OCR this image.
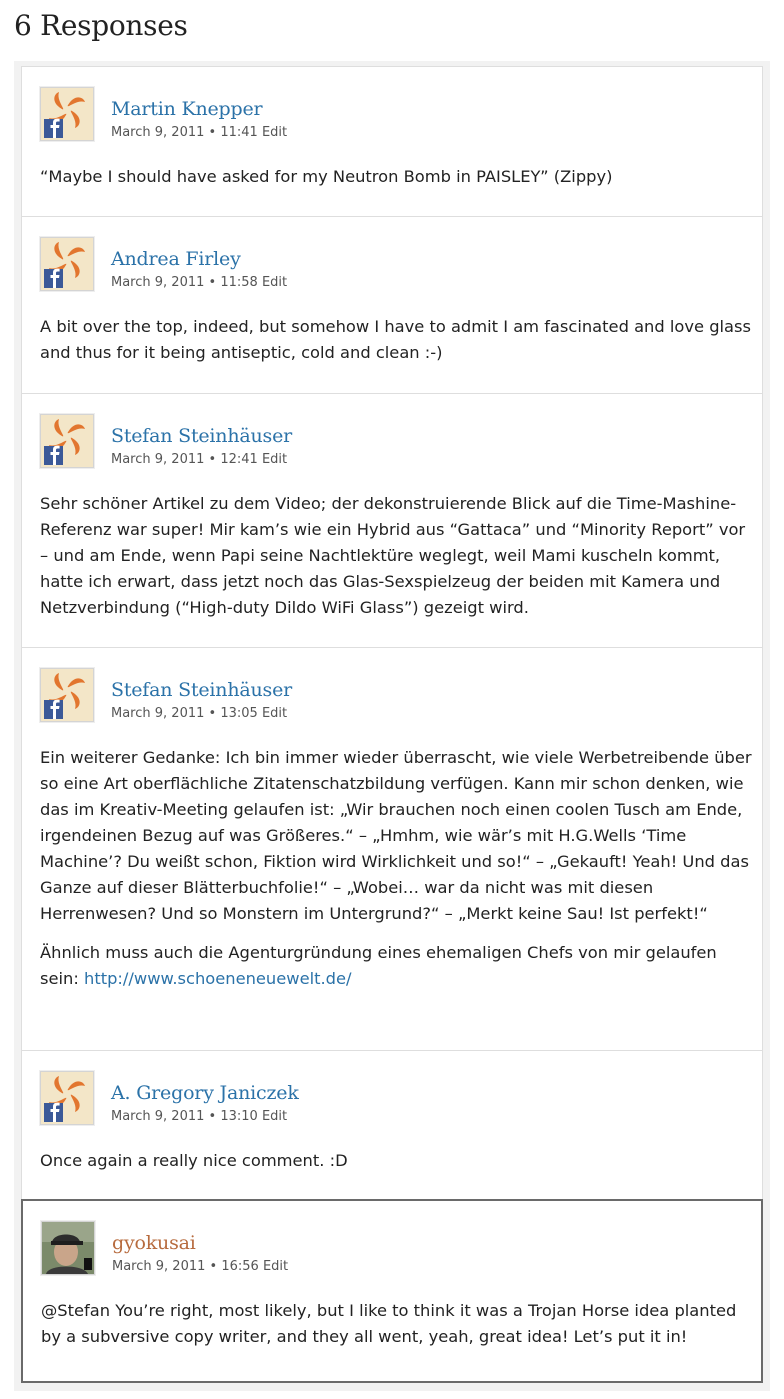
6 Responses
Martin Knepper
March 9, 2011 • 11:41 Edit

“Maybe I should have asked for my Neutron Bomb in PAISLEY” (Zippy)

Andrea Firley
March 9, 2011 • 11:58 Edit

A bit over the top, indeed, but somehow I have to admit I am fascinated and love glass and thus for it being antiseptic, cold and clean :-)

Stefan Steinhäuser
March 9, 2011 • 12:41 Edit

Sehr schöner Artikel zu dem Video; der dekonstruierende Blick auf die Time-Mashine-Referenz war super! Mir kam’s wie ein Hybrid aus “Gattaca” und “Minority Report” vor – und am Ende, wenn Papi seine Nachtlektüre weglegt, weil Mami kuscheln kommt, hatte ich erwart, dass jetzt noch das Glas-Sexspielzeug der beiden mit Kamera und Netzverbindung (“High-duty Dildo WiFi Glass”) gezeigt wird.

Stefan Steinhäuser
March 9, 2011 • 13:05 Edit

Ein weiterer Gedanke: Ich bin immer wieder überrascht, wie viele Werbetreibende über so eine Art oberflächliche Zitatenschatzbildung verfügen. Kann mir schon denken, wie das im Kreativ-Meeting gelaufen ist: „Wir brauchen noch einen coolen Tusch am Ende, irgendeinen Bezug auf was Größeres.“ – „Hmhm, wie wär’s mit H.G.Wells ‘Time Machine’? Du weißt schon, Fiktion wird Wirklichkeit und so!“ – „Gekauft! Yeah! Und das Ganze auf dieser Blätterbuchfolie!“ – „Wobei… war da nicht was mit diesen Herrenwesen? Und so Monstern im Untergrund?“ – „Merkt keine Sau! Ist perfekt!“

Ähnlich muss auch die Agenturgründung eines ehemaligen Chefs von mir gelaufen sein: http://www.schoeneneuewelt.de/

A. Gregory Janiczek
March 9, 2011 • 13:10 Edit

Once again a really nice comment. :D

gyokusai
March 9, 2011 • 16:56 Edit

@Stefan You’re right, most likely, but I like to think it was a Trojan Horse idea planted by a subversive copy writer, and they all went, yeah, great idea! Let’s put it in!
